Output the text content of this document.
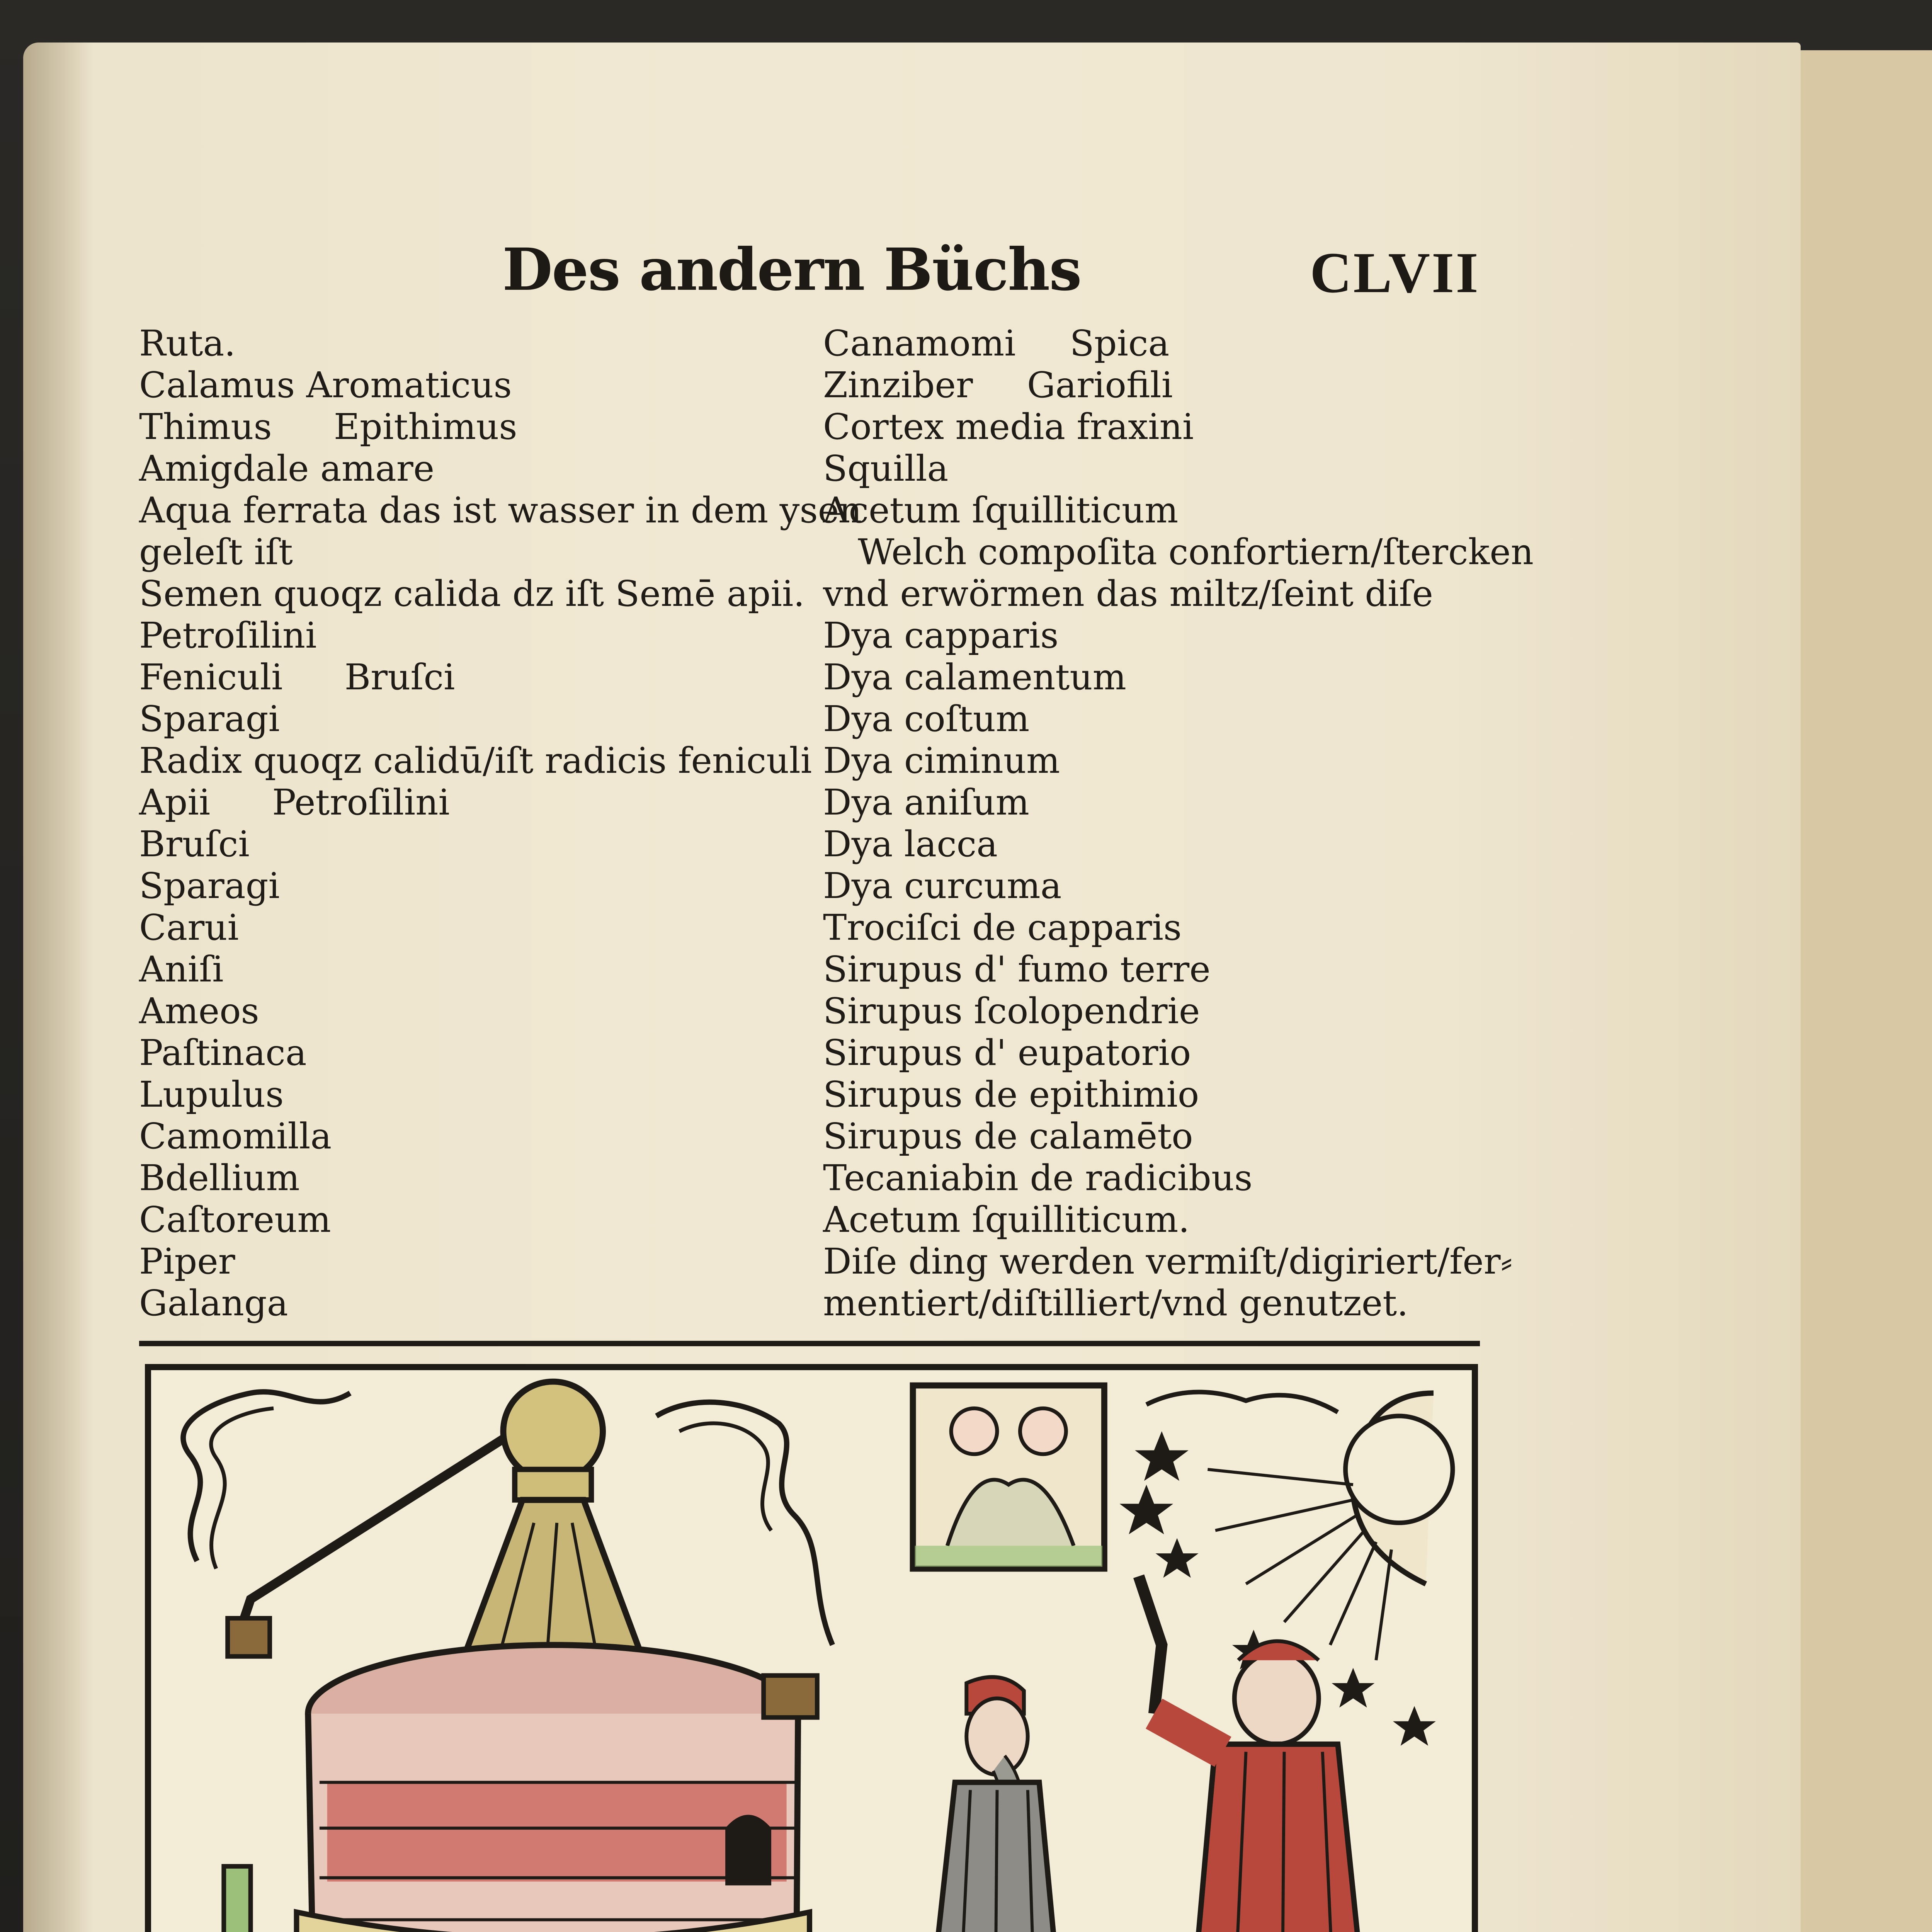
Des andern Büchs	CLVII
Ruta.
Calamus Aromaticus
Thimus Epithimus
Amigdale amare
Aqua ferrata das ist wasser in dem ysen
geleſt iſt
Semen quoqz calida dz iſt Semē apii.
Petroſilini
Feniculi Bruſci
Sparagi
Radix quoqz calidū/iſt radicis feniculi
Apii Petroſilini
Bruſci
Sparagi
Carui
Aniſi
Ameos
Paſtinaca
Lupulus
Camomilla
Bdellium
Caſtoreum
Piper
Galanga
Canamomi Spica
Zinziber Gariofili
Cortex media fraxini
Squilla
Acetum ſquilliticum
Welch compoſita confortiern/ſtercken
vnd erwörmen das miltz/ſeint diſe
Dya capparis
Dya calamentum
Dya coſtum
Dya ciminum
Dya aniſum
Dya lacca
Dya curcuma
Trociſci de capparis
Sirupus d' fumo terre
Sirupus ſcolopendrie
Sirupus d' eupatorio
Sirupus de epithimio
Sirupus de calamēto
Tecaniabin de radicibus
Acetum ſquilliticum.
Diſe ding werden vermiſt/digiriert/fer⸗
mentiert/diſtilliert/vnd genutzet.
